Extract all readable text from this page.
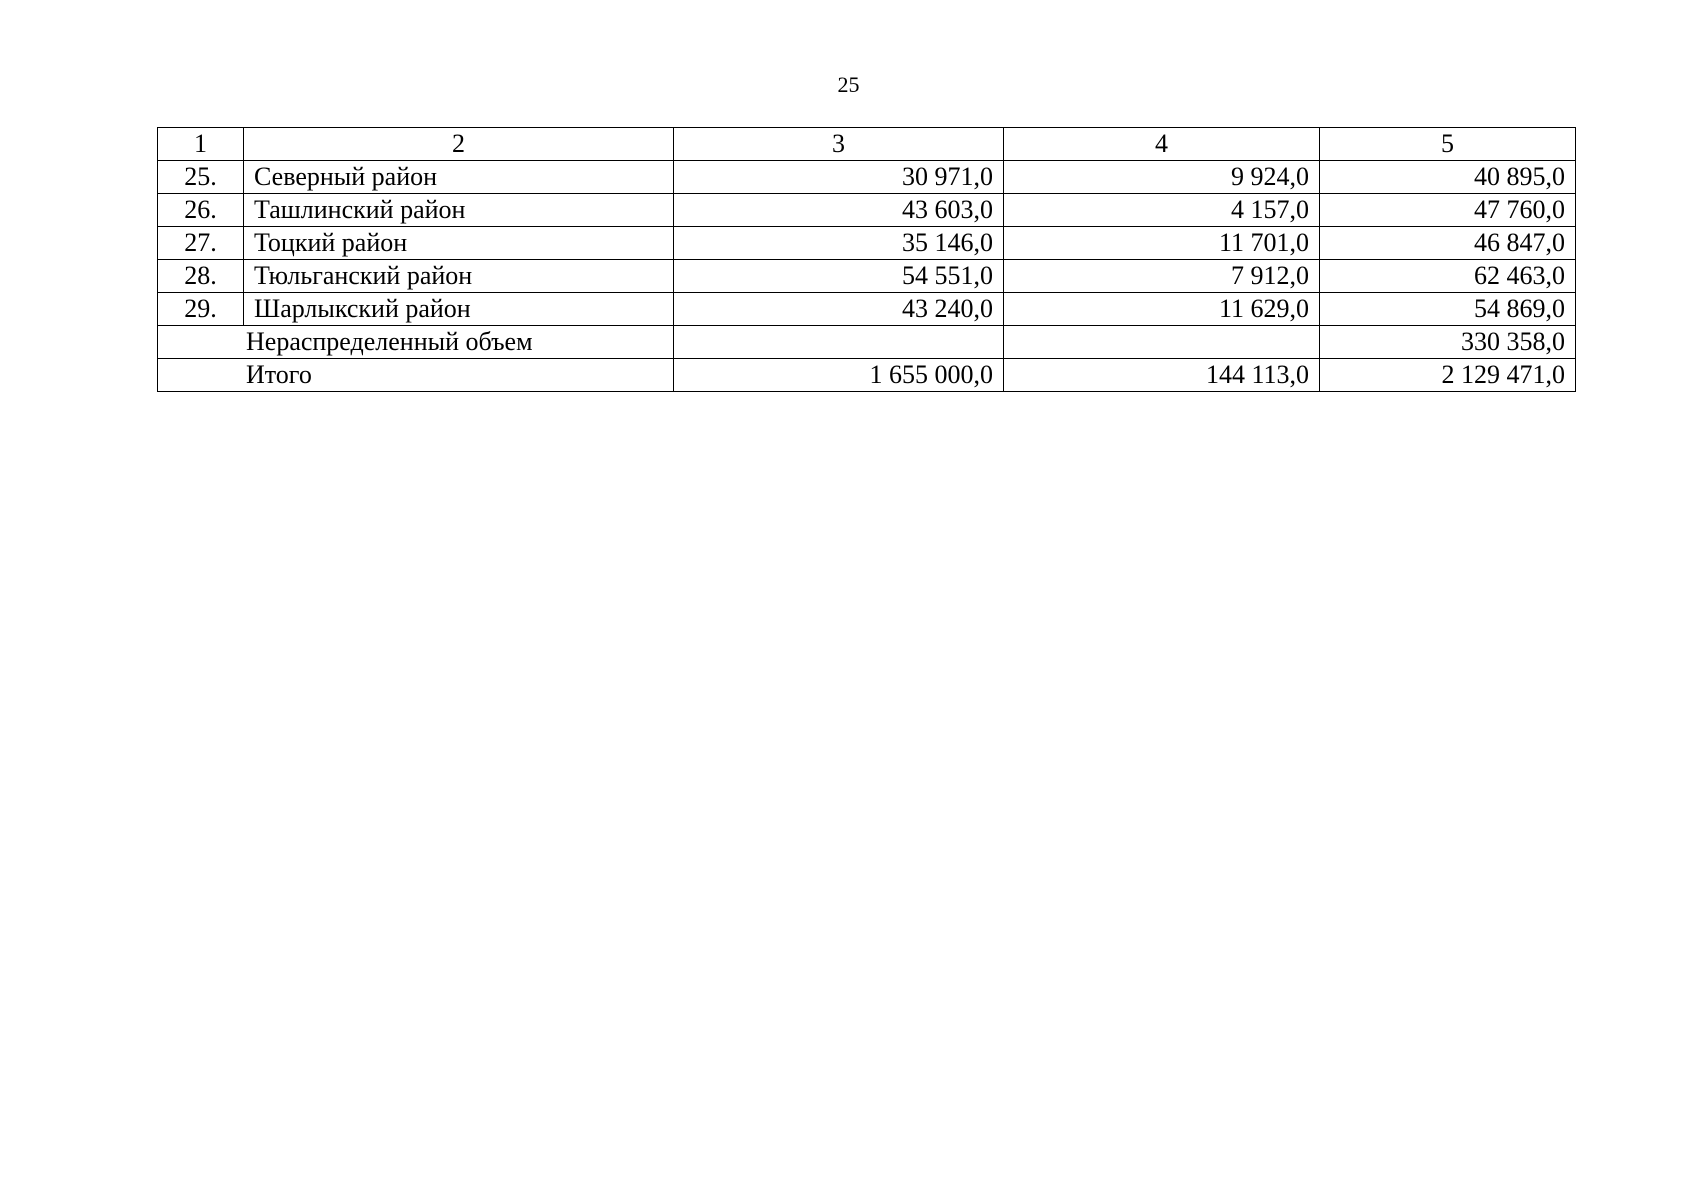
25
1	2	3	4	5
25.	Северный район	30 971,0	9 924,0	40 895,0
26.	Ташлинский район	43 603,0	4 157,0	47 760,0
27.	Тоцкий район	35 146,0	11 701,0	46 847,0
28.	Тюльганский район	54 551,0	7 912,0	62 463,0
29.	Шарлыкский район	43 240,0	11 629,0	54 869,0
Нераспределенный объем				330 358,0
Итого		1 655 000,0	144 113,0	2 129 471,0
